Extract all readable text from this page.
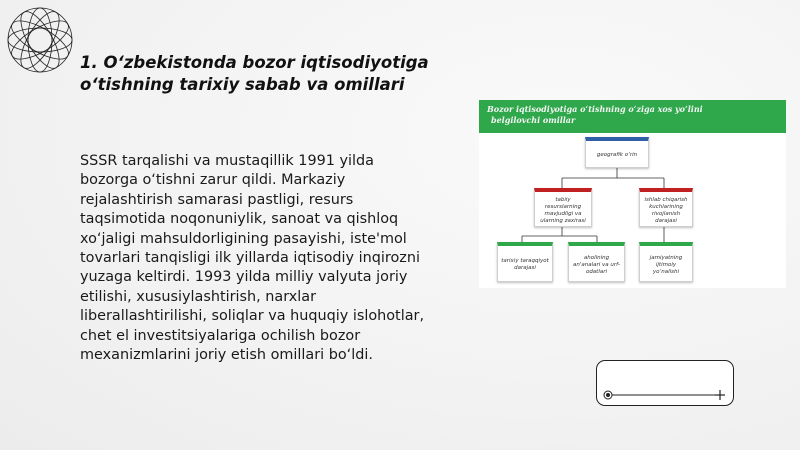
1. O‘zbekistonda bozor iqtisodiyotiga
o‘tishning tarixiy sabab va omillari
SSSR tarqalishi va mustaqillik 1991 yilda bozorga o‘tishni zarur qildi. Markaziy rejalashtirish samarasi pastligi, resurs taqsimotida noqonuniylik, sanoat va qishloq xo‘jaligi mahsuldorligining pasayishi, iste'mol tovarlari tanqisligi ilk yillarda iqtisodiy inqirozni yuzaga keltirdi. 1993 yilda milliy valyuta joriy etilishi, xususiylashtirish, narxlar liberallashtirilishi, soliqlar va huquqiy islohotlar, chet el investitsiyalariga ochilish bozor mexanizmlarini joriy etish omillari bo‘ldi.
Bozor iqtisodiyotiga o‘tishning o‘ziga xos yo‘lini
belgilovchi omillar
geografik o‘rin
tabiiy resurslarning mavjudligi va ularning zaxirasi
ishlab chiqarish kuchlarining rivojlanish darajasi
tarixiy taraqqiyot darajasi
aholining an'analari va urf-odatlari
jamiyatning ijtimoiy yo‘nalishi
